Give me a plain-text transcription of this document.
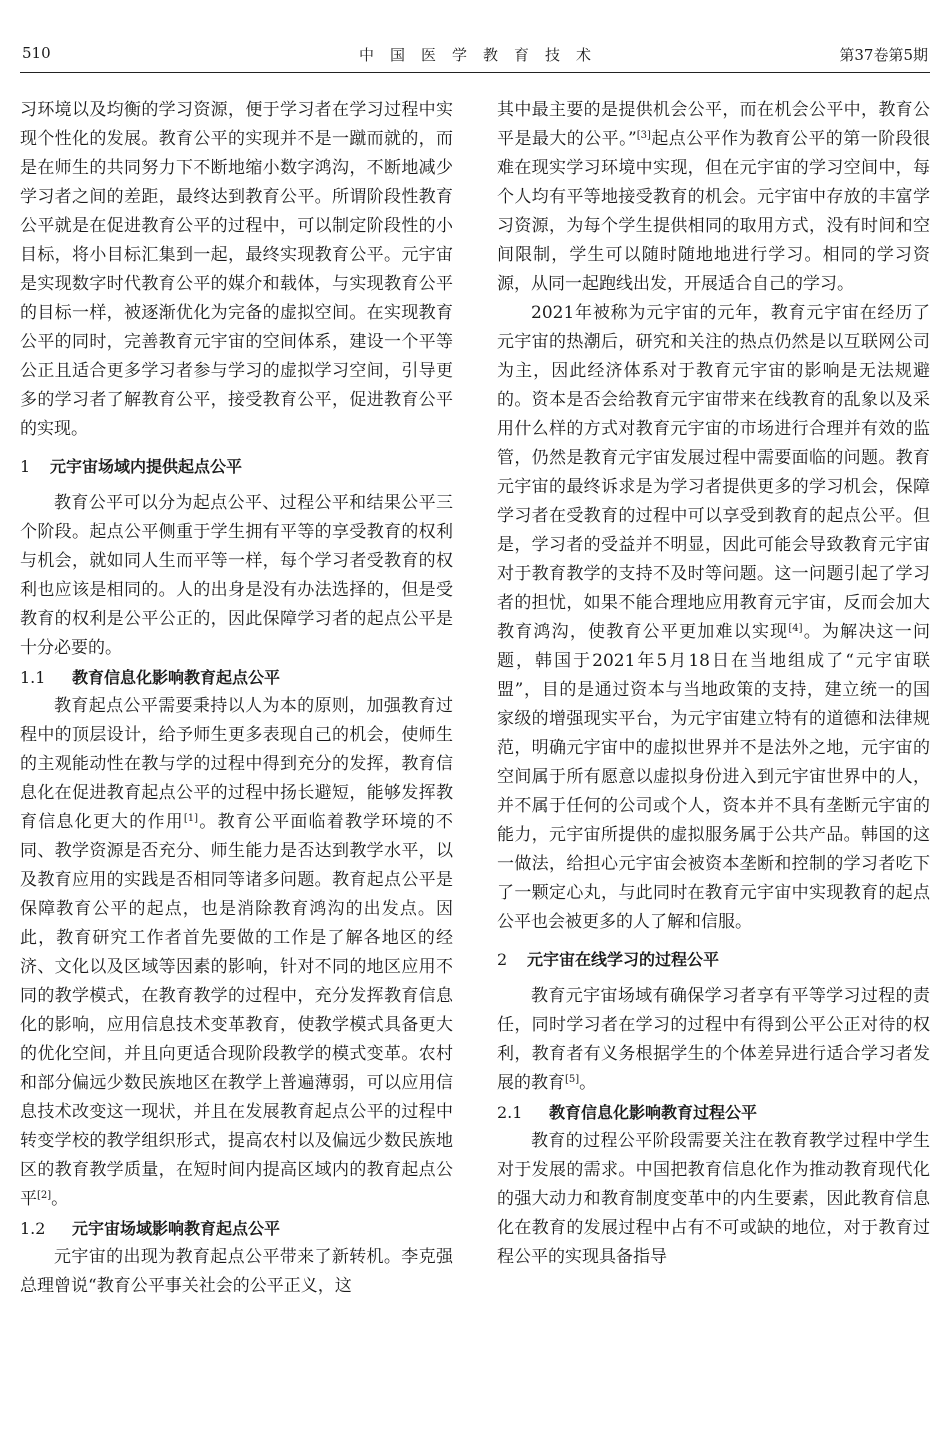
510	中国医学教育技术	第37卷第5期

习环境以及均衡的学习资源，便于学习者在学习过程中实现个性化的发展。教育公平的实现并不是一蹴而就的，而是在师生的共同努力下不断地缩小数字鸿沟，不断地减少学习者之间的差距，最终达到教育公平。所谓阶段性教育公平就是在促进教育公平的过程中，可以制定阶段性的小目标，将小目标汇集到一起，最终实现教育公平。元宇宙是实现数字时代教育公平的媒介和载体，与实现教育公平的目标一样，被逐渐优化为完备的虚拟空间。在实现教育公平的同时，完善教育元宇宙的空间体系，建设一个平等公正且适合更多学习者参与学习的虚拟学习空间，引导更多的学习者了解教育公平，接受教育公平，促进教育公平的实现。

1 元宇宙场域内提供起点公平

教育公平可以分为起点公平、过程公平和结果公平三个阶段。起点公平侧重于学生拥有平等的享受教育的权利与机会，就如同人生而平等一样，每个学习者受教育的权利也应该是相同的。人的出身是没有办法选择的，但是受教育的权利是公平公正的，因此保障学习者的起点公平是十分必要的。

1.1 教育信息化影响教育起点公平

教育起点公平需要秉持以人为本的原则，加强教育过程中的顶层设计，给予师生更多表现自己的机会，使师生的主观能动性在教与学的过程中得到充分的发挥，教育信息化在促进教育起点公平的过程中扬长避短，能够发挥教育信息化更大的作用[1]。教育公平面临着教学环境的不同、教学资源是否充分、师生能力是否达到教学水平，以及教育应用的实践是否相同等诸多问题。教育起点公平是保障教育公平的起点，也是消除教育鸿沟的出发点。因此，教育研究工作者首先要做的工作是了解各地区的经济、文化以及区域等因素的影响，针对不同的地区应用不同的教学模式，在教育教学的过程中，充分发挥教育信息化的影响，应用信息技术变革教育，使教学模式具备更大的优化空间，并且向更适合现阶段教学的模式变革。农村和部分偏远少数民族地区在教学上普遍薄弱，可以应用信息技术改变这一现状，并且在发展教育起点公平的过程中转变学校的教学组织形式，提高农村以及偏远少数民族地区的教育教学质量，在短时间内提高区域内的教育起点公平[2]。

1.2 元宇宙场域影响教育起点公平

元宇宙的出现为教育起点公平带来了新转机。李克强总理曾说“教育公平事关社会的公平正义，这

其中最主要的是提供机会公平，而在机会公平中，教育公平是最大的公平。”[3]起点公平作为教育公平的第一阶段很难在现实学习环境中实现，但在元宇宙的学习空间中，每个人均有平等地接受教育的机会。元宇宙中存放的丰富学习资源，为每个学生提供相同的取用方式，没有时间和空间限制，学生可以随时随地地进行学习。相同的学习资源，从同一起跑线出发，开展适合自己的学习。

2021年被称为元宇宙的元年，教育元宇宙在经历了元宇宙的热潮后，研究和关注的热点仍然是以互联网公司为主，因此经济体系对于教育元宇宙的影响是无法规避的。资本是否会给教育元宇宙带来在线教育的乱象以及采用什么样的方式对教育元宇宙的市场进行合理并有效的监管，仍然是教育元宇宙发展过程中需要面临的问题。教育元宇宙的最终诉求是为学习者提供更多的学习机会，保障学习者在受教育的过程中可以享受到教育的起点公平。但是，学习者的受益并不明显，因此可能会导致教育元宇宙对于教育教学的支持不及时等问题。这一问题引起了学习者的担忧，如果不能合理地应用教育元宇宙，反而会加大教育鸿沟，使教育公平更加难以实现[4]。为解决这一问题，韩国于2021年5月18日在当地组成了“元宇宙联盟”，目的是通过资本与当地政策的支持，建立统一的国家级的增强现实平台，为元宇宙建立特有的道德和法律规范，明确元宇宙中的虚拟世界并不是法外之地，元宇宙的空间属于所有愿意以虚拟身份进入到元宇宙世界中的人，并不属于任何的公司或个人，资本并不具有垄断元宇宙的能力，元宇宙所提供的虚拟服务属于公共产品。韩国的这一做法，给担心元宇宙会被资本垄断和控制的学习者吃下了一颗定心丸，与此同时在教育元宇宙中实现教育的起点公平也会被更多的人了解和信服。

2 元宇宙在线学习的过程公平

教育元宇宙场域有确保学习者享有平等学习过程的责任，同时学习者在学习的过程中有得到公平公正对待的权利，教育者有义务根据学生的个体差异进行适合学习者发展的教育[5]。

2.1 教育信息化影响教育过程公平

教育的过程公平阶段需要关注在教育教学过程中学生对于发展的需求。中国把教育信息化作为推动教育现代化的强大动力和教育制度变革中的内生要素，因此教育信息化在教育的发展过程中占有不可或缺的地位，对于教育过程公平的实现具备指导
